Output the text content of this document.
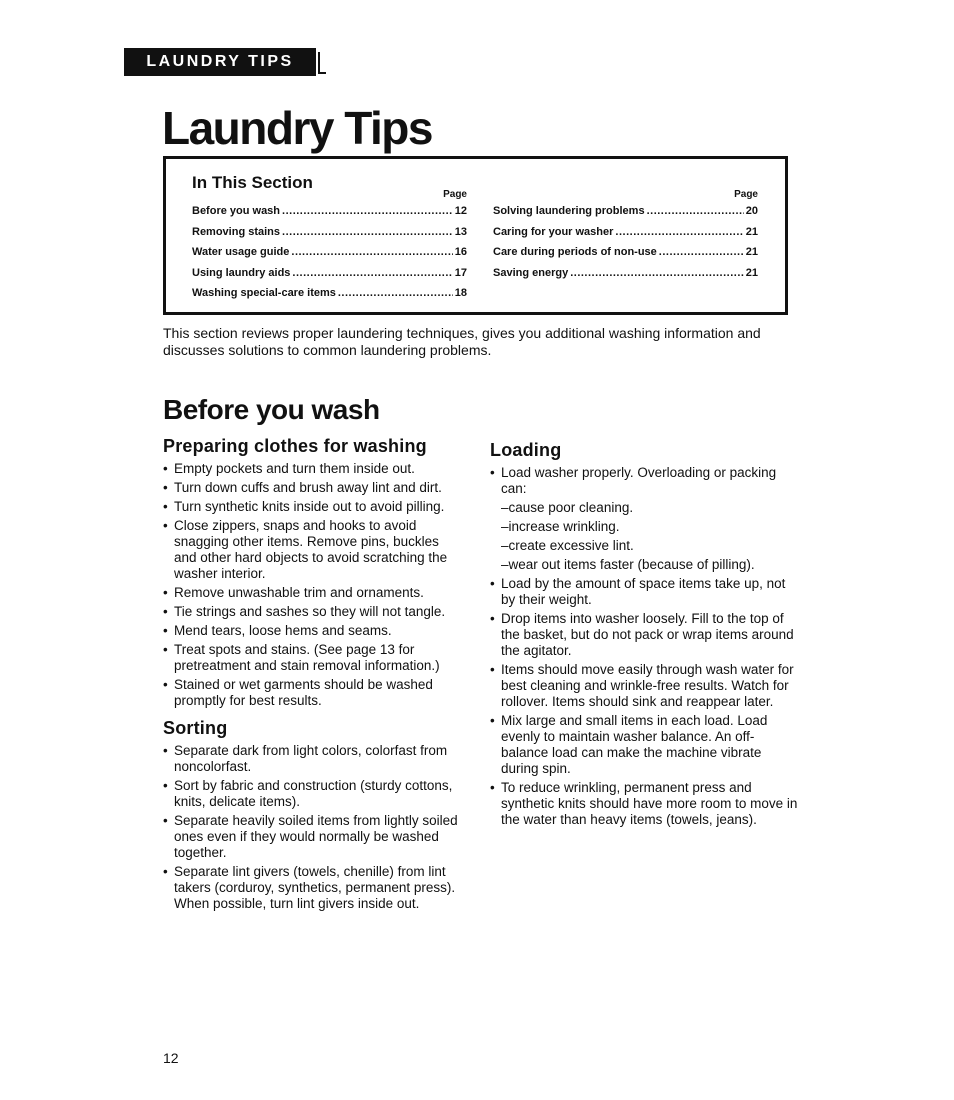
LAUNDRY TIPS
Laundry Tips
In This Section
Page
Before you wash .....	12
Removing stains .....	13
Water usage guide .....	16
Using laundry aids .....	17
Washing special-care items .....	18
Page
Solving laundering problems .....	20
Caring for your washer .....	21
Care during periods of non-use .....	21
Saving energy .....	21

This section reviews proper laundering techniques, gives you additional washing information and discusses solutions to common laundering problems.

Before you wash
Preparing clothes for washing
• Empty pockets and turn them inside out.
• Turn down cuffs and brush away lint and dirt.
• Turn synthetic knits inside out to avoid pilling.
• Close zippers, snaps and hooks to avoid snagging other items. Remove pins, buckles and other hard objects to avoid scratching the washer interior.
• Remove unwashable trim and ornaments.
• Tie strings and sashes so they will not tangle.
• Mend tears, loose hems and seams.
• Treat spots and stains. (See page 13 for pretreatment and stain removal information.)
• Stained or wet garments should be washed promptly for best results.
Sorting
• Separate dark from light colors, colorfast from noncolorfast.
• Sort by fabric and construction (sturdy cottons, knits, delicate items).
• Separate heavily soiled items from lightly soiled ones even if they would normally be washed together.
• Separate lint givers (towels, chenille) from lint takers (corduroy, synthetics, permanent press). When possible, turn lint givers inside out.
Loading
• Load washer properly. Overloading or packing can:
–cause poor cleaning.
–increase wrinkling.
–create excessive lint.
–wear out items faster (because of pilling).
• Load by the amount of space items take up, not by their weight.
• Drop items into washer loosely. Fill to the top of the basket, but do not pack or wrap items around the agitator.
• Items should move easily through wash water for best cleaning and wrinkle-free results. Watch for rollover. Items should sink and reappear later.
• Mix large and small items in each load. Load evenly to maintain washer balance. An off-balance load can make the machine vibrate during spin.
• To reduce wrinkling, permanent press and synthetic knits should have more room to move in the water than heavy items (towels, jeans).
12
